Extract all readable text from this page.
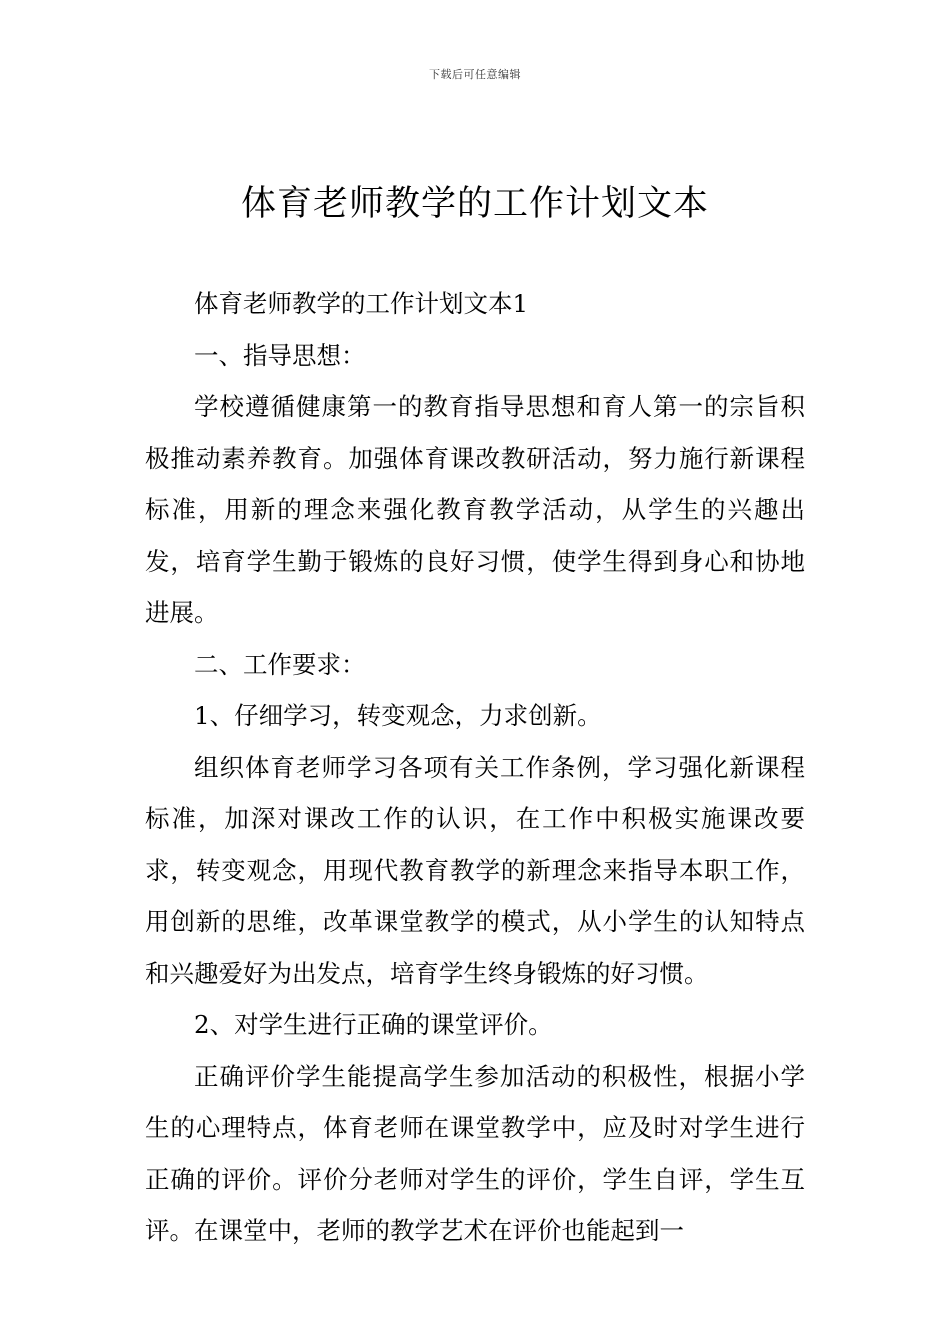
下载后可任意编辑
体育老师教学的工作计划文本

体育老师教学的工作计划文本1

一、指导思想：

学校遵循健康第一的教育指导思想和育人第一的宗旨积极推动素养教育。加强体育课改教研活动，努力施行新课程标准，用新的理念来强化教育教学活动，从学生的兴趣出发，培育学生勤于锻炼的良好习惯，使学生得到身心和协地进展。

二、工作要求：

1、仔细学习，转变观念，力求创新。

组织体育老师学习各项有关工作条例，学习强化新课程标准，加深对课改工作的认识，在工作中积极实施课改要求，转变观念，用现代教育教学的新理念来指导本职工作，用创新的思维，改革课堂教学的模式，从小学生的认知特点和兴趣爱好为出发点，培育学生终身锻炼的好习惯。

2、对学生进行正确的课堂评价。

正确评价学生能提高学生参加活动的积极性，根据小学生的心理特点，体育老师在课堂教学中，应及时对学生进行正确的评价。评价分老师对学生的评价，学生自评，学生互评。在课堂中，老师的教学艺术在评价也能起到一
